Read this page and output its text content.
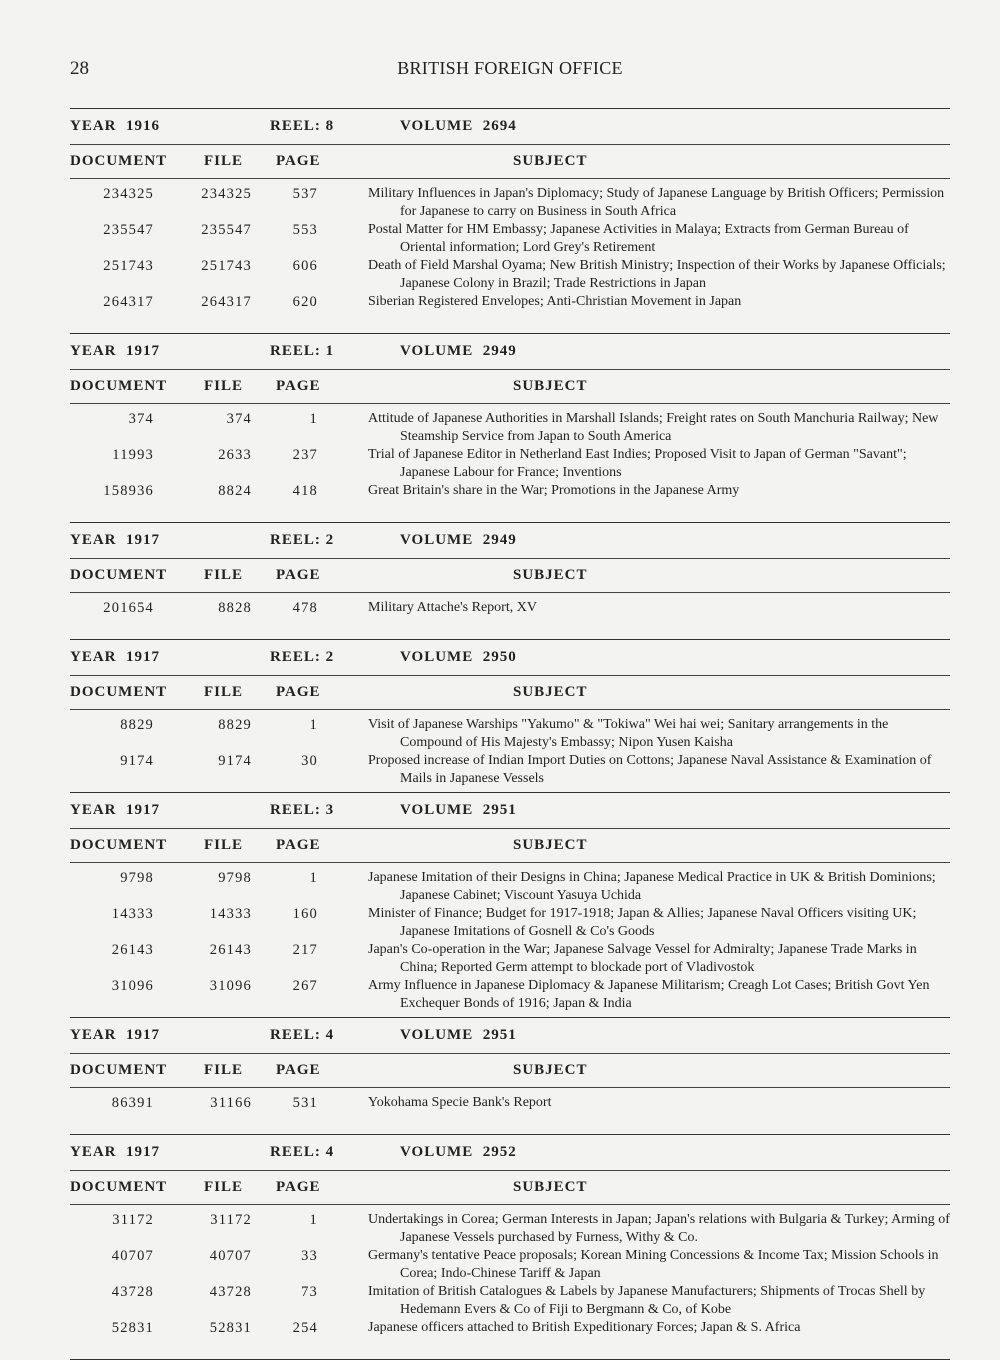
28	BRITISH FOREIGN OFFICE
YEAR  1916	REEL: 8	VOLUME  2694
DOCUMENT FILE PAGE	SUBJECT
234325	234325	537	Military Influences in Japan's Diplomacy; Study of Japanese Language by British Officers; Permission for Japanese to carry on Business in South Africa
235547	235547	553	Postal Matter for HM Embassy; Japanese Activities in Malaya; Extracts from German Bureau of Oriental information; Lord Grey's Retirement
251743	251743	606	Death of Field Marshal Oyama; New British Ministry; Inspection of their Works by Japanese Officials; Japanese Colony in Brazil; Trade Restrictions in Japan
264317	264317	620	Siberian Registered Envelopes; Anti-Christian Movement in Japan
YEAR  1917	REEL: 1	VOLUME  2949
DOCUMENT FILE PAGE	SUBJECT
374	374	1	Attitude of Japanese Authorities in Marshall Islands; Freight rates on South Manchuria Railway; New Steamship Service from Japan to South America
11993	2633	237	Trial of Japanese Editor in Netherland East Indies; Proposed Visit to Japan of German "Savant"; Japanese Labour for France; Inventions
158936	8824	418	Great Britain's share in the War; Promotions in the Japanese Army
YEAR  1917	REEL: 2	VOLUME  2949
DOCUMENT FILE PAGE	SUBJECT
201654	8828	478	Military Attache's Report, XV
YEAR  1917	REEL: 2	VOLUME  2950
DOCUMENT FILE PAGE	SUBJECT
8829	8829	1	Visit of Japanese Warships "Yakumo" & "Tokiwa" Wei hai wei; Sanitary arrangements in the Compound of His Majesty's Embassy; Nipon Yusen Kaisha
9174	9174	30	Proposed increase of Indian Import Duties on Cottons; Japanese Naval Assistance & Examination of Mails in Japanese Vessels
YEAR  1917	REEL: 3	VOLUME  2951
DOCUMENT FILE PAGE	SUBJECT
9798	9798	1	Japanese Imitation of their Designs in China; Japanese Medical Practice in UK & British Dominions; Japanese Cabinet; Viscount Yasuya Uchida
14333	14333	160	Minister of Finance; Budget for 1917-1918; Japan & Allies; Japanese Naval Officers visiting UK; Japanese Imitations of Gosnell & Co's Goods
26143	26143	217	Japan's Co-operation in the War; Japanese Salvage Vessel for Admiralty; Japanese Trade Marks in China; Reported Germ attempt to blockade port of Vladivostok
31096	31096	267	Army Influence in Japanese Diplomacy & Japanese Militarism; Creagh Lot Cases; British Govt Yen Exchequer Bonds of 1916; Japan & India
YEAR  1917	REEL: 4	VOLUME  2951
DOCUMENT FILE PAGE	SUBJECT
86391	31166	531	Yokohama Specie Bank's Report
YEAR  1917	REEL: 4	VOLUME  2952
DOCUMENT FILE PAGE	SUBJECT
31172	31172	1	Undertakings in Corea; German Interests in Japan; Japan's relations with Bulgaria & Turkey; Arming of Japanese Vessels purchased by Furness, Withy & Co.
40707	40707	33	Germany's tentative Peace proposals; Korean Mining Concessions & Income Tax; Mission Schools in Corea; Indo-Chinese Tariff & Japan
43728	43728	73	Imitation of British Catalogues & Labels by Japanese Manufacturers; Shipments of Trocas Shell by Hedemann Evers & Co of Fiji to Bergmann & Co, of Kobe
52831	52831	254	Japanese officers attached to British Expeditionary Forces; Japan & S. Africa
